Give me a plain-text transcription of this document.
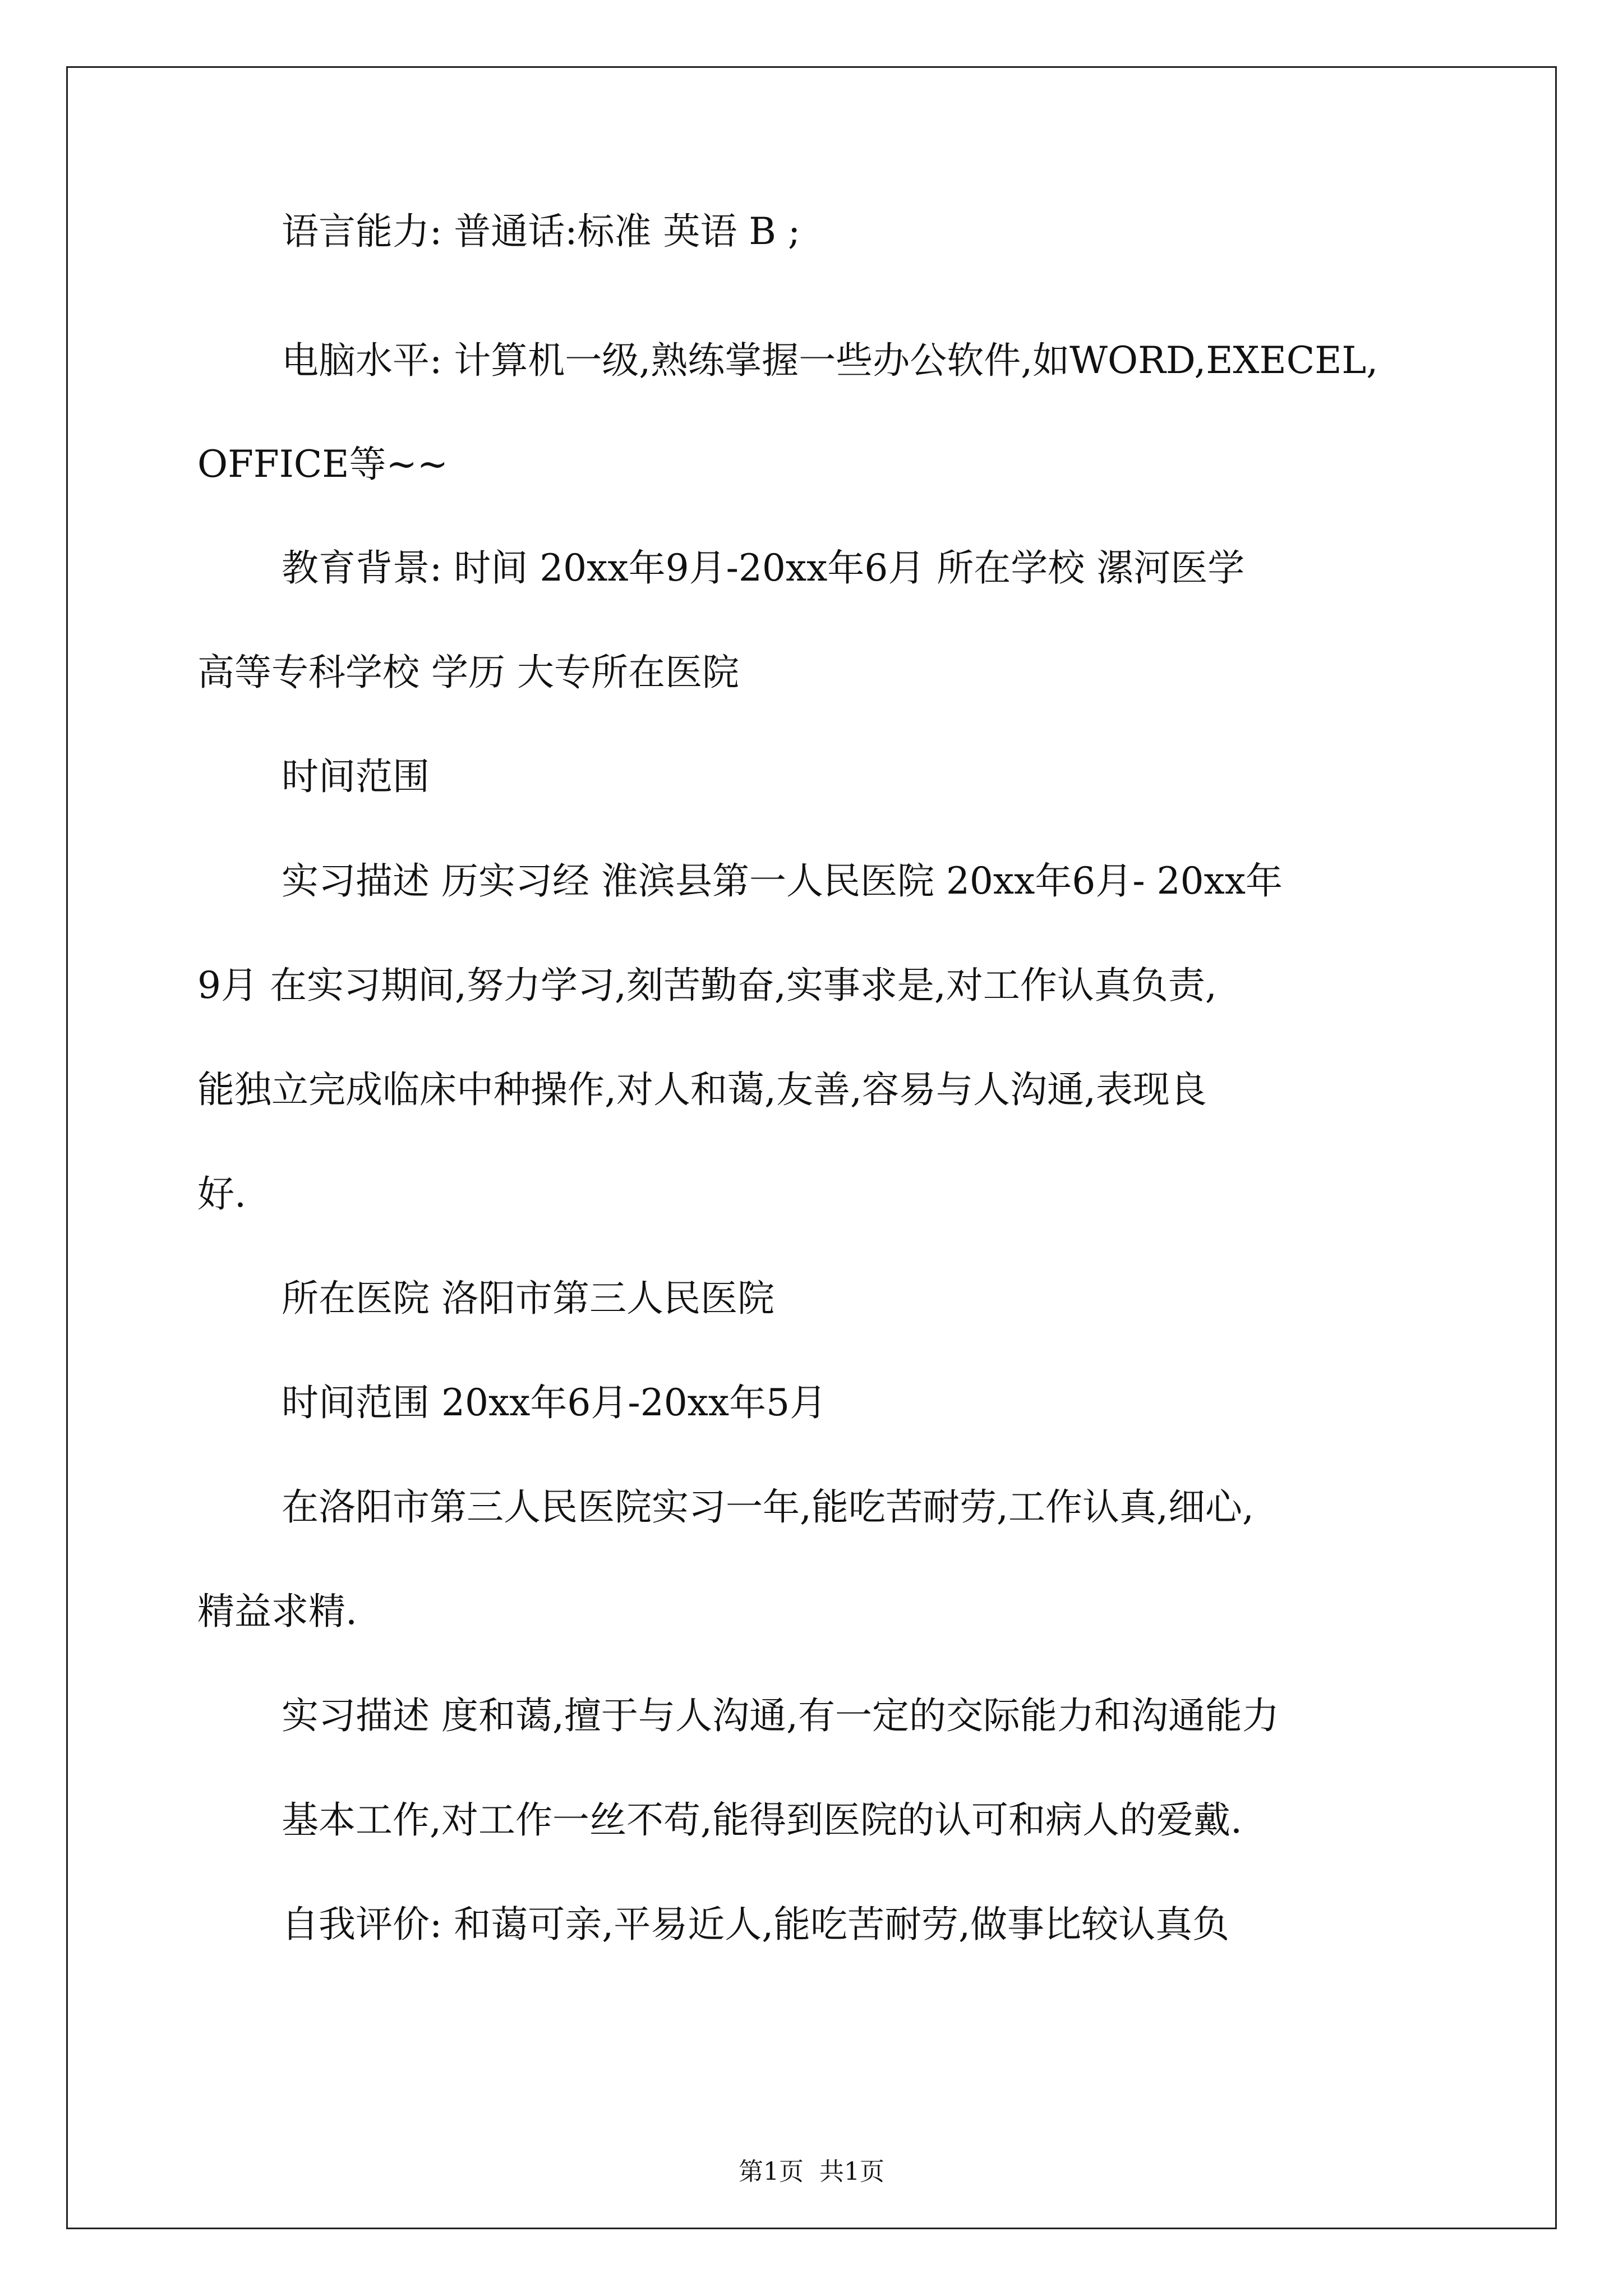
语言能力: 普通话:标准 英语 B ;
电脑水平: 计算机一级,熟练掌握一些办公软件,如WORD,EXECEL,
OFFICE等~~
教育背景: 时间 20xx年9月-20xx年6月 所在学校 漯河医学
高等专科学校 学历 大专所在医院
时间范围
实习描述 历实习经 淮滨县第一人民医院 20xx年6月- 20xx年
9月 在实习期间,努力学习,刻苦勤奋,实事求是,对工作认真负责,
能独立完成临床中种操作,对人和蔼,友善,容易与人沟通,表现良
好.
所在医院 洛阳市第三人民医院
时间范围 20xx年6月-20xx年5月
在洛阳市第三人民医院实习一年,能吃苦耐劳,工作认真,细心,
精益求精.
实习描述 度和蔼,擅于与人沟通,有一定的交际能力和沟通能力
基本工作,对工作一丝不苟,能得到医院的认可和病人的爱戴.
自我评价: 和蔼可亲,平易近人,能吃苦耐劳,做事比较认真负
第1页 共1页
